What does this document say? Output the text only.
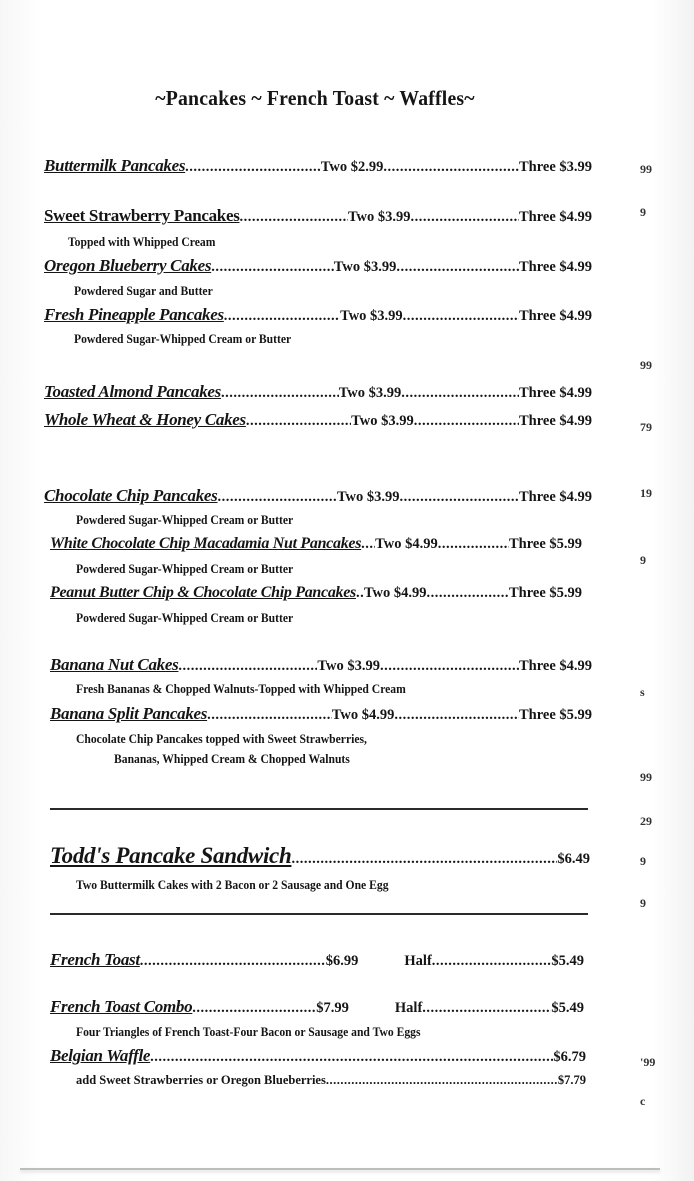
~Pancakes ~ French Toast ~ Waffles~
Buttermilk Pancakes .....	Two $2.99 .....	Three $3.99
Sweet Strawberry Pancakes .....	Two $3.99 .....	Three $4.99
Topped with Whipped Cream
Oregon Blueberry Cakes .....	Two $3.99 .....	Three $4.99
Powdered Sugar and Butter
Fresh Pineapple Pancakes .....	Two $3.99 .....	Three $4.99
Powdered Sugar-Whipped Cream or Butter
Toasted Almond Pancakes .....	Two $3.99 .....	Three $4.99
Whole Wheat & Honey Cakes .....	Two $3.99 .....	Three $4.99
Chocolate Chip Pancakes .....	Two $3.99 .....	Three $4.99
Powdered Sugar-Whipped Cream or Butter
White Chocolate Chip Macadamia Nut Pancakes ..... Two $4.99 .....	Three $5.99
Powdered Sugar-Whipped Cream or Butter
Peanut Butter Chip & Chocolate Chip Pancakes ..... Two $4.99 .....	Three $5.99
Powdered Sugar-Whipped Cream or Butter
Banana Nut Cakes .....	Two $3.99 .....	Three $4.99
Fresh Bananas & Chopped Walnuts-Topped with Whipped Cream
Banana Split Pancakes .....	Two $4.99 .....	Three $5.99
Chocolate Chip Pancakes topped with Sweet Strawberries,
Bananas, Whipped Cream & Chopped Walnuts
Todd's Pancake Sandwich .....	$6.49
Two Buttermilk Cakes with 2 Bacon or 2 Sausage and One Egg
French Toast .....	$6.99	Half .....	$5.49
French Toast Combo .....	$7.99	Half .....	$5.49
Four Triangles of French Toast-Four Bacon or Sausage and Two Eggs
Belgian Waffle .....	$6.79
add Sweet Strawberries or Oregon Blueberries .....	$7.79
99
9
99
79
19
9
s
99
29
9
9
'99
c
